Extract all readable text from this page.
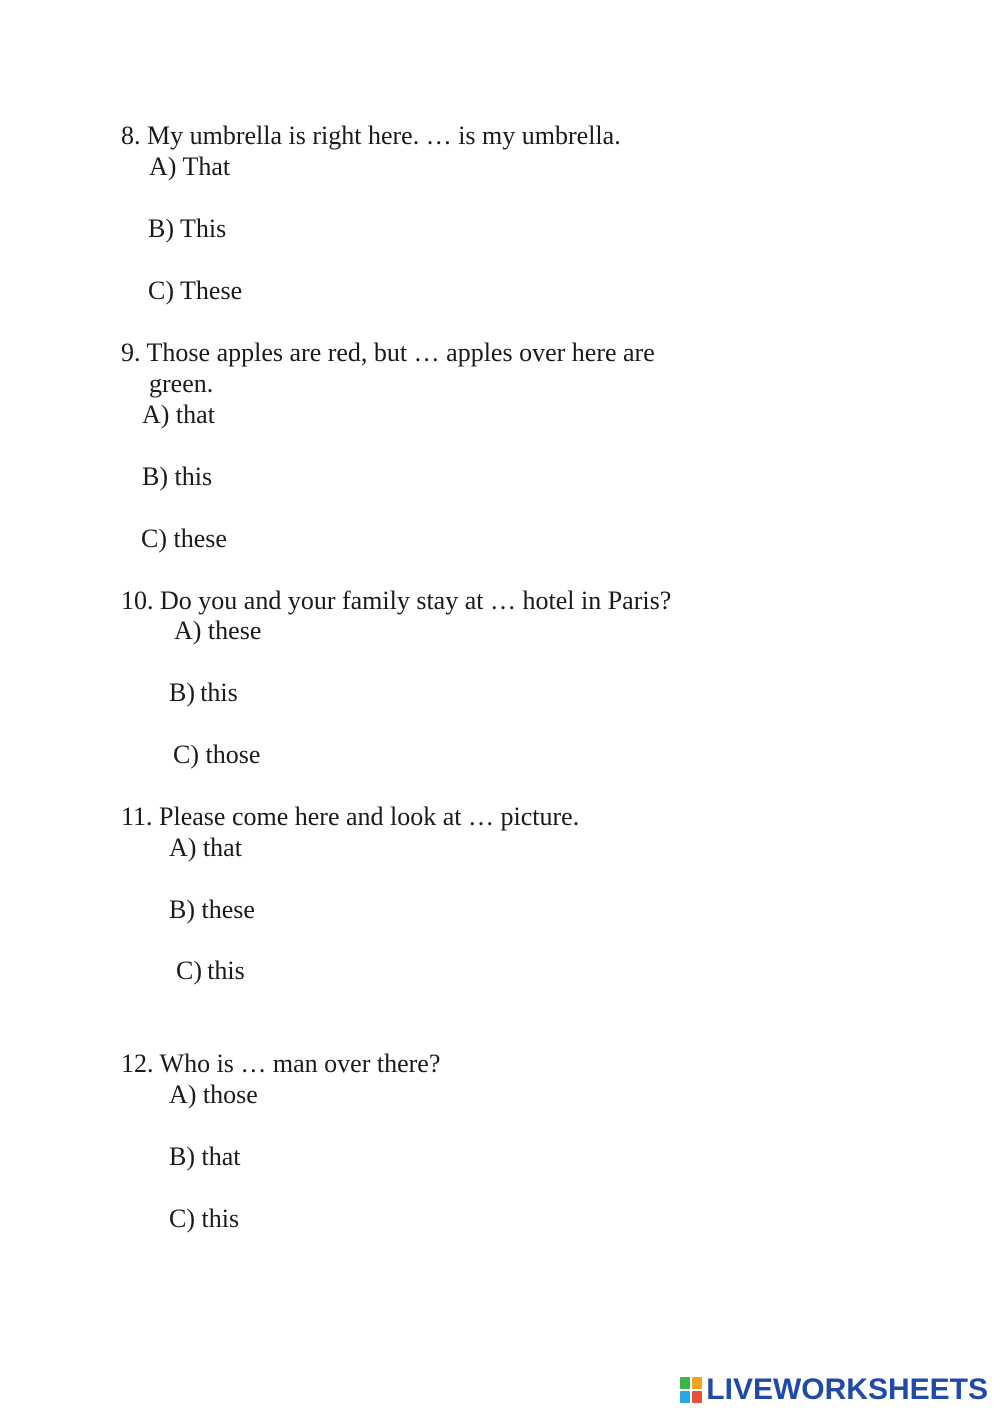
8. My umbrella is right here. … is my umbrella.
A) That
B) This
C) These
9. Those apples are red, but … apples over here are
green.
A) that
B) this
C) these
10. Do you and your family stay at … hotel in Paris?
A) these
B) this
C) those
11. Please come here and look at … picture.
A) that
B) these
C) this
12. Who is … man over there?
A) those
B) that
C) this
LIVEWORKSHEETS
